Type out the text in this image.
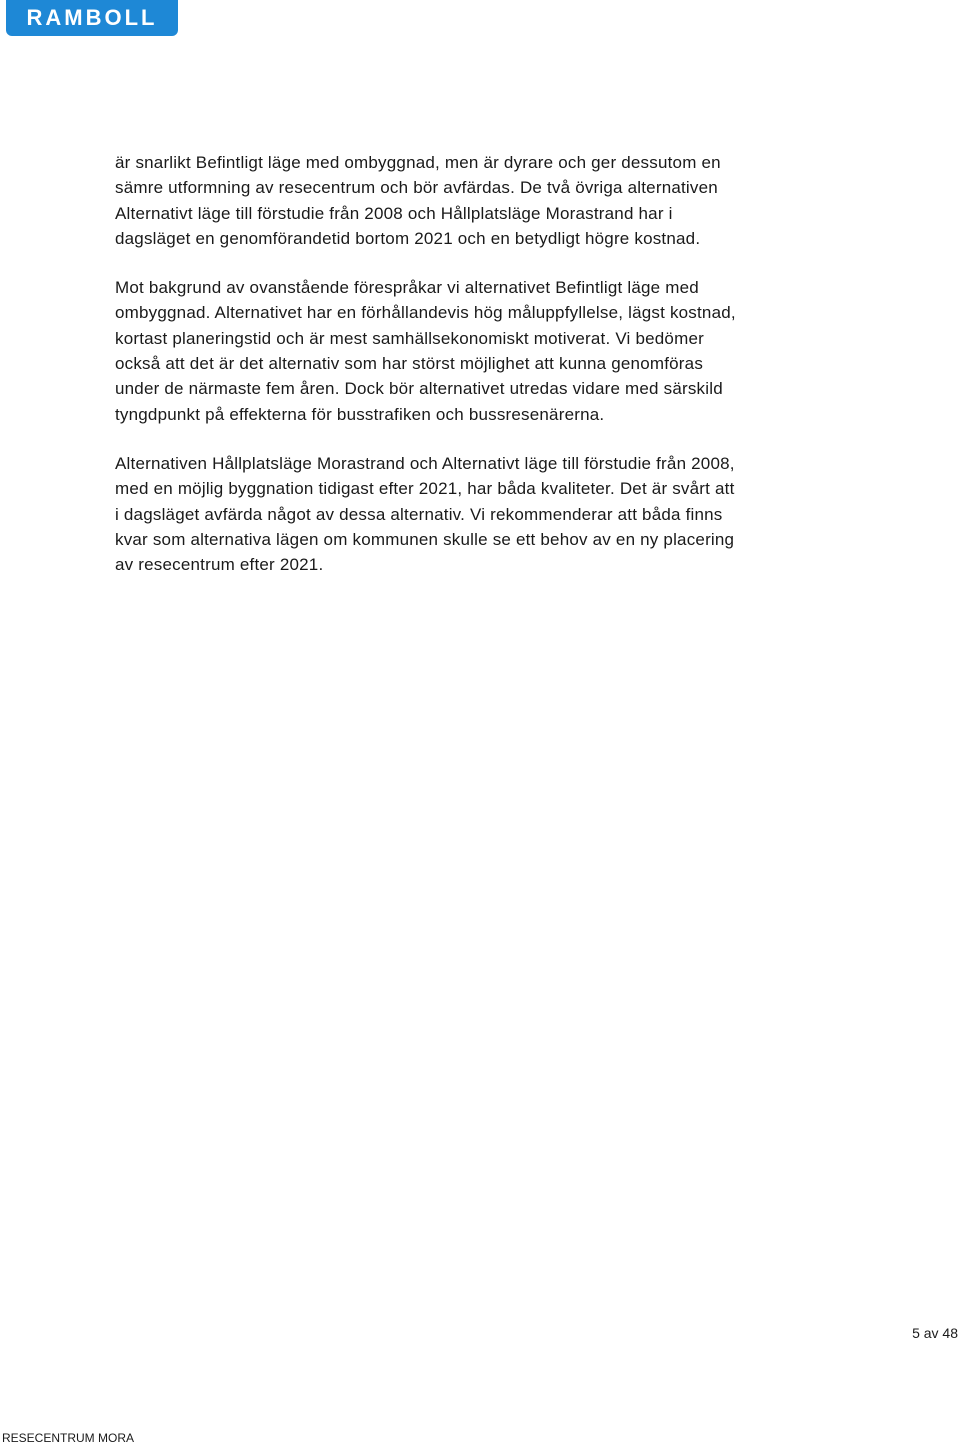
RAMBOLL

är snarlikt Befintligt läge med ombyggnad, men är dyrare och ger dessutom en
sämre utformning av resecentrum och bör avfärdas. De två övriga alternativen
Alternativt läge till förstudie från 2008 och Hållplatsläge Morastrand har i
dagsläget en genomförandetid bortom 2021 och en betydligt högre kostnad.

Mot bakgrund av ovanstående förespråkar vi alternativet Befintligt läge med
ombyggnad. Alternativet har en förhållandevis hög måluppfyllelse, lägst kostnad,
kortast planeringstid och är mest samhällsekonomiskt motiverat. Vi bedömer
också att det är det alternativ som har störst möjlighet att kunna genomföras
under de närmaste fem åren. Dock bör alternativet utredas vidare med särskild
tyngdpunkt på effekterna för busstrafiken och bussresenärerna.

Alternativen Hållplatsläge Morastrand och Alternativt läge till förstudie från 2008,
med en möjlig byggnation tidigast efter 2021, har båda kvaliteter. Det är svårt att
i dagsläget avfärda något av dessa alternativ. Vi rekommenderar att båda finns
kvar som alternativa lägen om kommunen skulle se ett behov av en ny placering
av resecentrum efter 2021.

5 av 48
RESECENTRUM MORA
